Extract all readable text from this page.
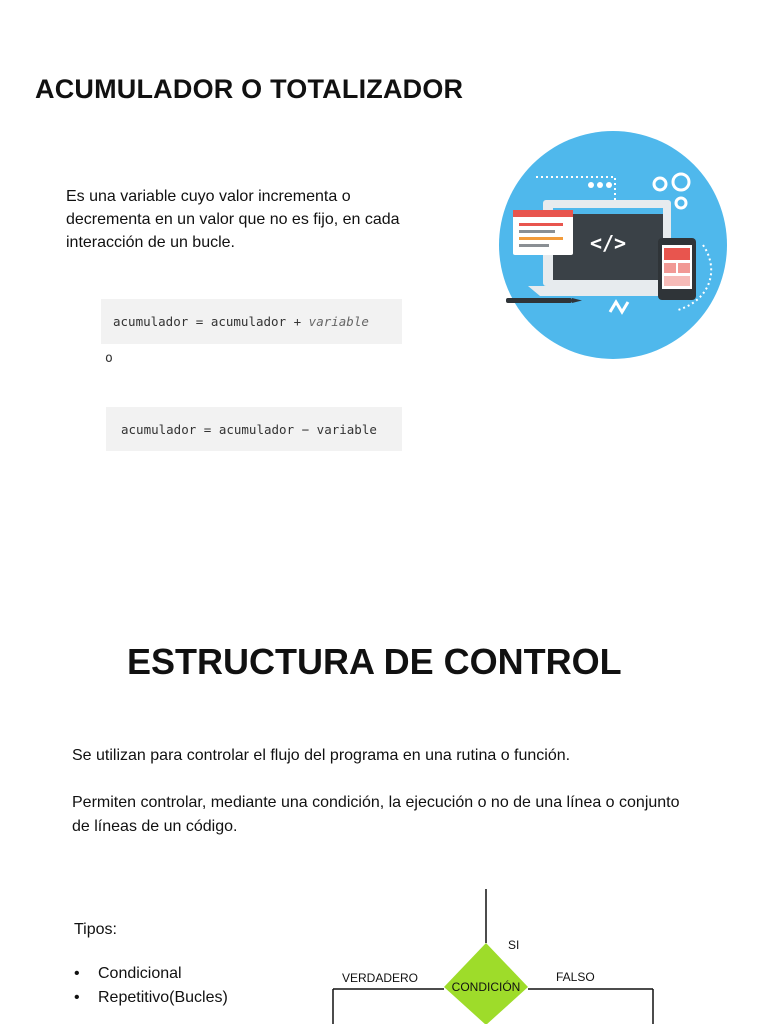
ACUMULADOR O TOTALIZADOR
Es una variable cuyo valor incrementa o decrementa en un valor que no es fijo, en cada interacción de un bucle.	</>
acumulador = acumulador + variable
o
acumulador = acumulador − variable
ESTRUCTURA DE CONTROL
Se utilizan para controlar el flujo del programa en una rutina o función.
Permiten controlar, mediante una condición, la ejecución o no de una línea o conjunto de líneas de un código.
Tipos:
• Condicional
• Repetitivo(Bucles)
SI
VERDADERO	FALSO
CONDICIÓN
